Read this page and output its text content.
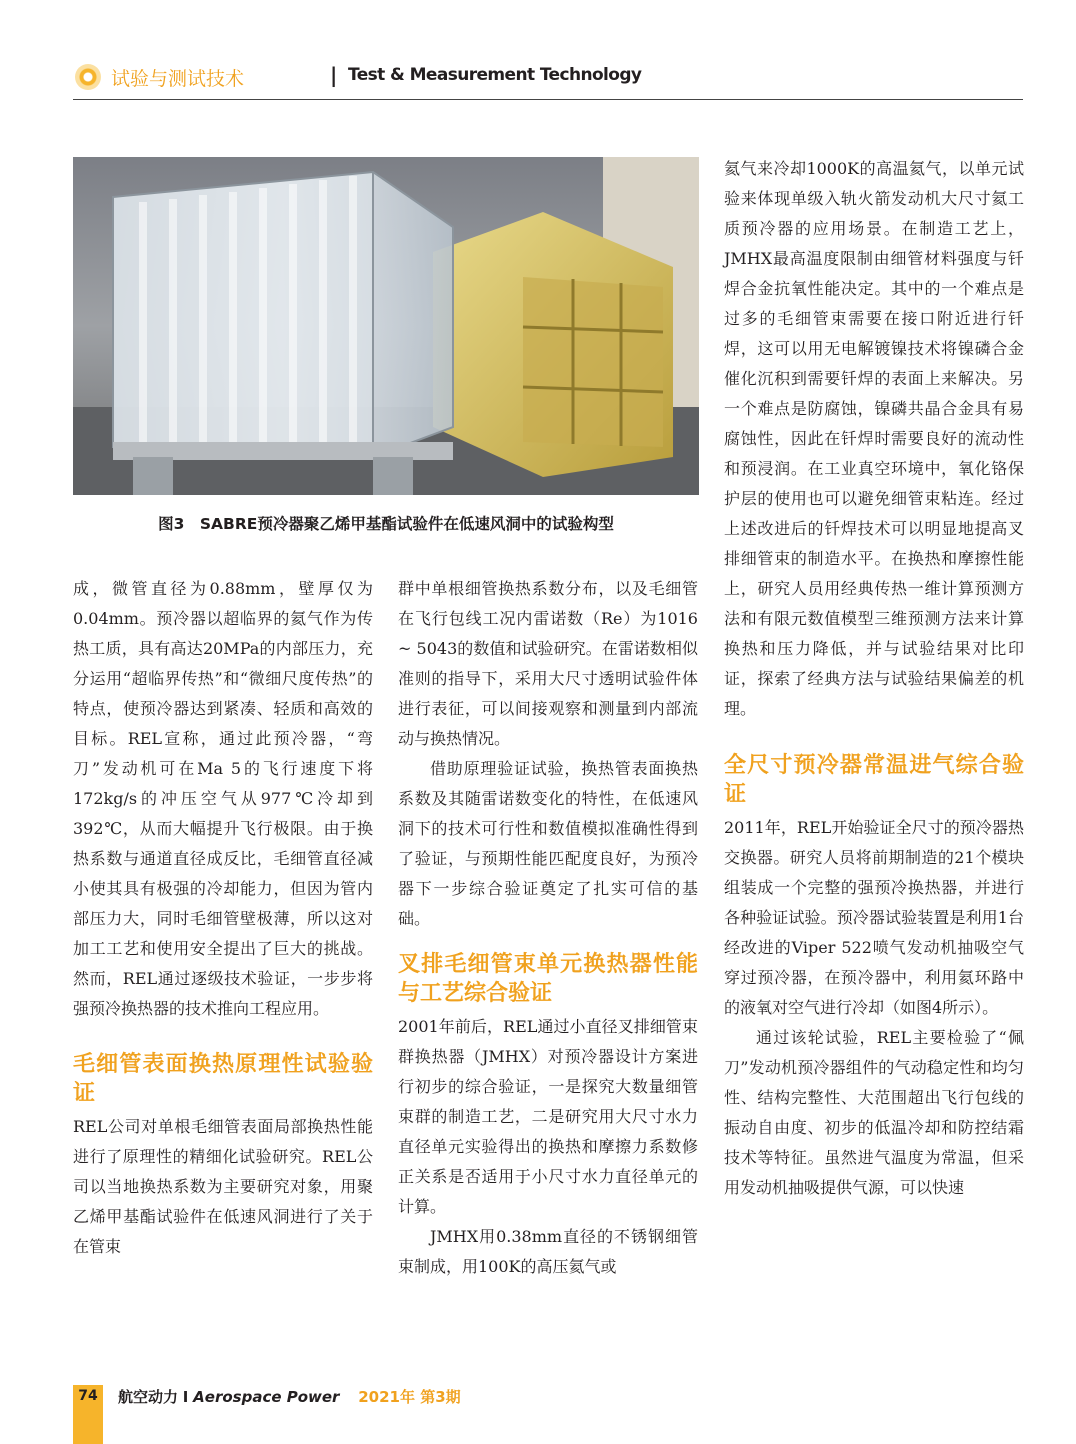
试验与测试技术	| Test & Measurement Technology
图3　SABRE预冷器聚乙烯甲基酯试验件在低速风洞中的试验构型

成，微管直径为0.88mm，壁厚仅为0.04mm。预冷器以超临界的氦气作为传热工质，具有高达20MPa的内部压力，充分运用“超临界传热”和“微细尺度传热”的特点，使预冷器达到紧凑、轻质和高效的目标。REL宣称，通过此预冷器，“弯刀”发动机可在Ma 5的飞行速度下将172kg/s的冲压空气从977℃冷却到392℃，从而大幅提升飞行极限。由于换热系数与通道直径成反比，毛细管直径减小使其具有极强的冷却能力，但因为管内部压力大，同时毛细管壁极薄，所以这对加工工艺和使用安全提出了巨大的挑战。然而，REL通过逐级技术验证，一步步将强预冷换热器的技术推向工程应用。

毛细管表面换热原理性试验验证

REL公司对单根毛细管表面局部换热性能进行了原理性的精细化试验研究。REL公司以当地换热系数为主要研究对象，用聚乙烯甲基酯试验件在低速风洞进行了关于在管束

群中单根细管换热系数分布，以及毛细管在飞行包线工况内雷诺数（Re）为1016 ~ 5043的数值和试验研究。在雷诺数相似准则的指导下，采用大尺寸透明试验件体进行表征，可以间接观察和测量到内部流动与换热情况。

借助原理验证试验，换热管表面换热系数及其随雷诺数变化的特性，在低速风洞下的技术可行性和数值模拟准确性得到了验证，与预期性能匹配度良好，为预冷器下一步综合验证奠定了扎实可信的基础。

叉排毛细管束单元换热器性能与工艺综合验证

2001年前后，REL通过小直径叉排细管束群换热器（JMHX）对预冷器设计方案进行初步的综合验证，一是探究大数量细管束群的制造工艺，二是研究用大尺寸水力直径单元实验得出的换热和摩擦力系数修正关系是否适用于小尺寸水力直径单元的计算。

JMHX用0.38mm直径的不锈钢细管束制成，用100K的高压氦气或

氦气来冷却1000K的高温氦气，以单元试验来体现单级入轨火箭发动机大尺寸氦工质预冷器的应用场景。在制造工艺上，JMHX最高温度限制由细管材料强度与钎焊合金抗氧性能决定。其中的一个难点是过多的毛细管束需要在接口附近进行钎焊，这可以用无电解镀镍技术将镍磷合金催化沉积到需要钎焊的表面上来解决。另一个难点是防腐蚀，镍磷共晶合金具有易腐蚀性，因此在钎焊时需要良好的流动性和预浸润。在工业真空环境中，氧化铬保护层的使用也可以避免细管束粘连。经过上述改进后的钎焊技术可以明显地提高叉排细管束的制造水平。在换热和摩擦性能上，研究人员用经典传热一维计算预测方法和有限元数值模型三维预测方法来计算换热和压力降低，并与试验结果对比印证，探索了经典方法与试验结果偏差的机理。

全尺寸预冷器常温进气综合验证

2011年，REL开始验证全尺寸的预冷器热交换器。研究人员将前期制造的21个模块组装成一个完整的强预冷换热器，并进行各种验证试验。预冷器试验装置是利用1台经改进的Viper 522喷气发动机抽吸空气穿过预冷器，在预冷器中，利用氦环路中的液氧对空气进行冷却（如图4所示）。

通过该轮试验，REL主要检验了“佩刀”发动机预冷器组件的气动稳定性和均匀性、结构完整性、大范围超出飞行包线的振动自由度、初步的低温冷却和防控结霜技术等特征。虽然进气温度为常温，但采用发动机抽吸提供气源，可以快速

74	航空动力 I Aerospace Power 2021年 第3期
